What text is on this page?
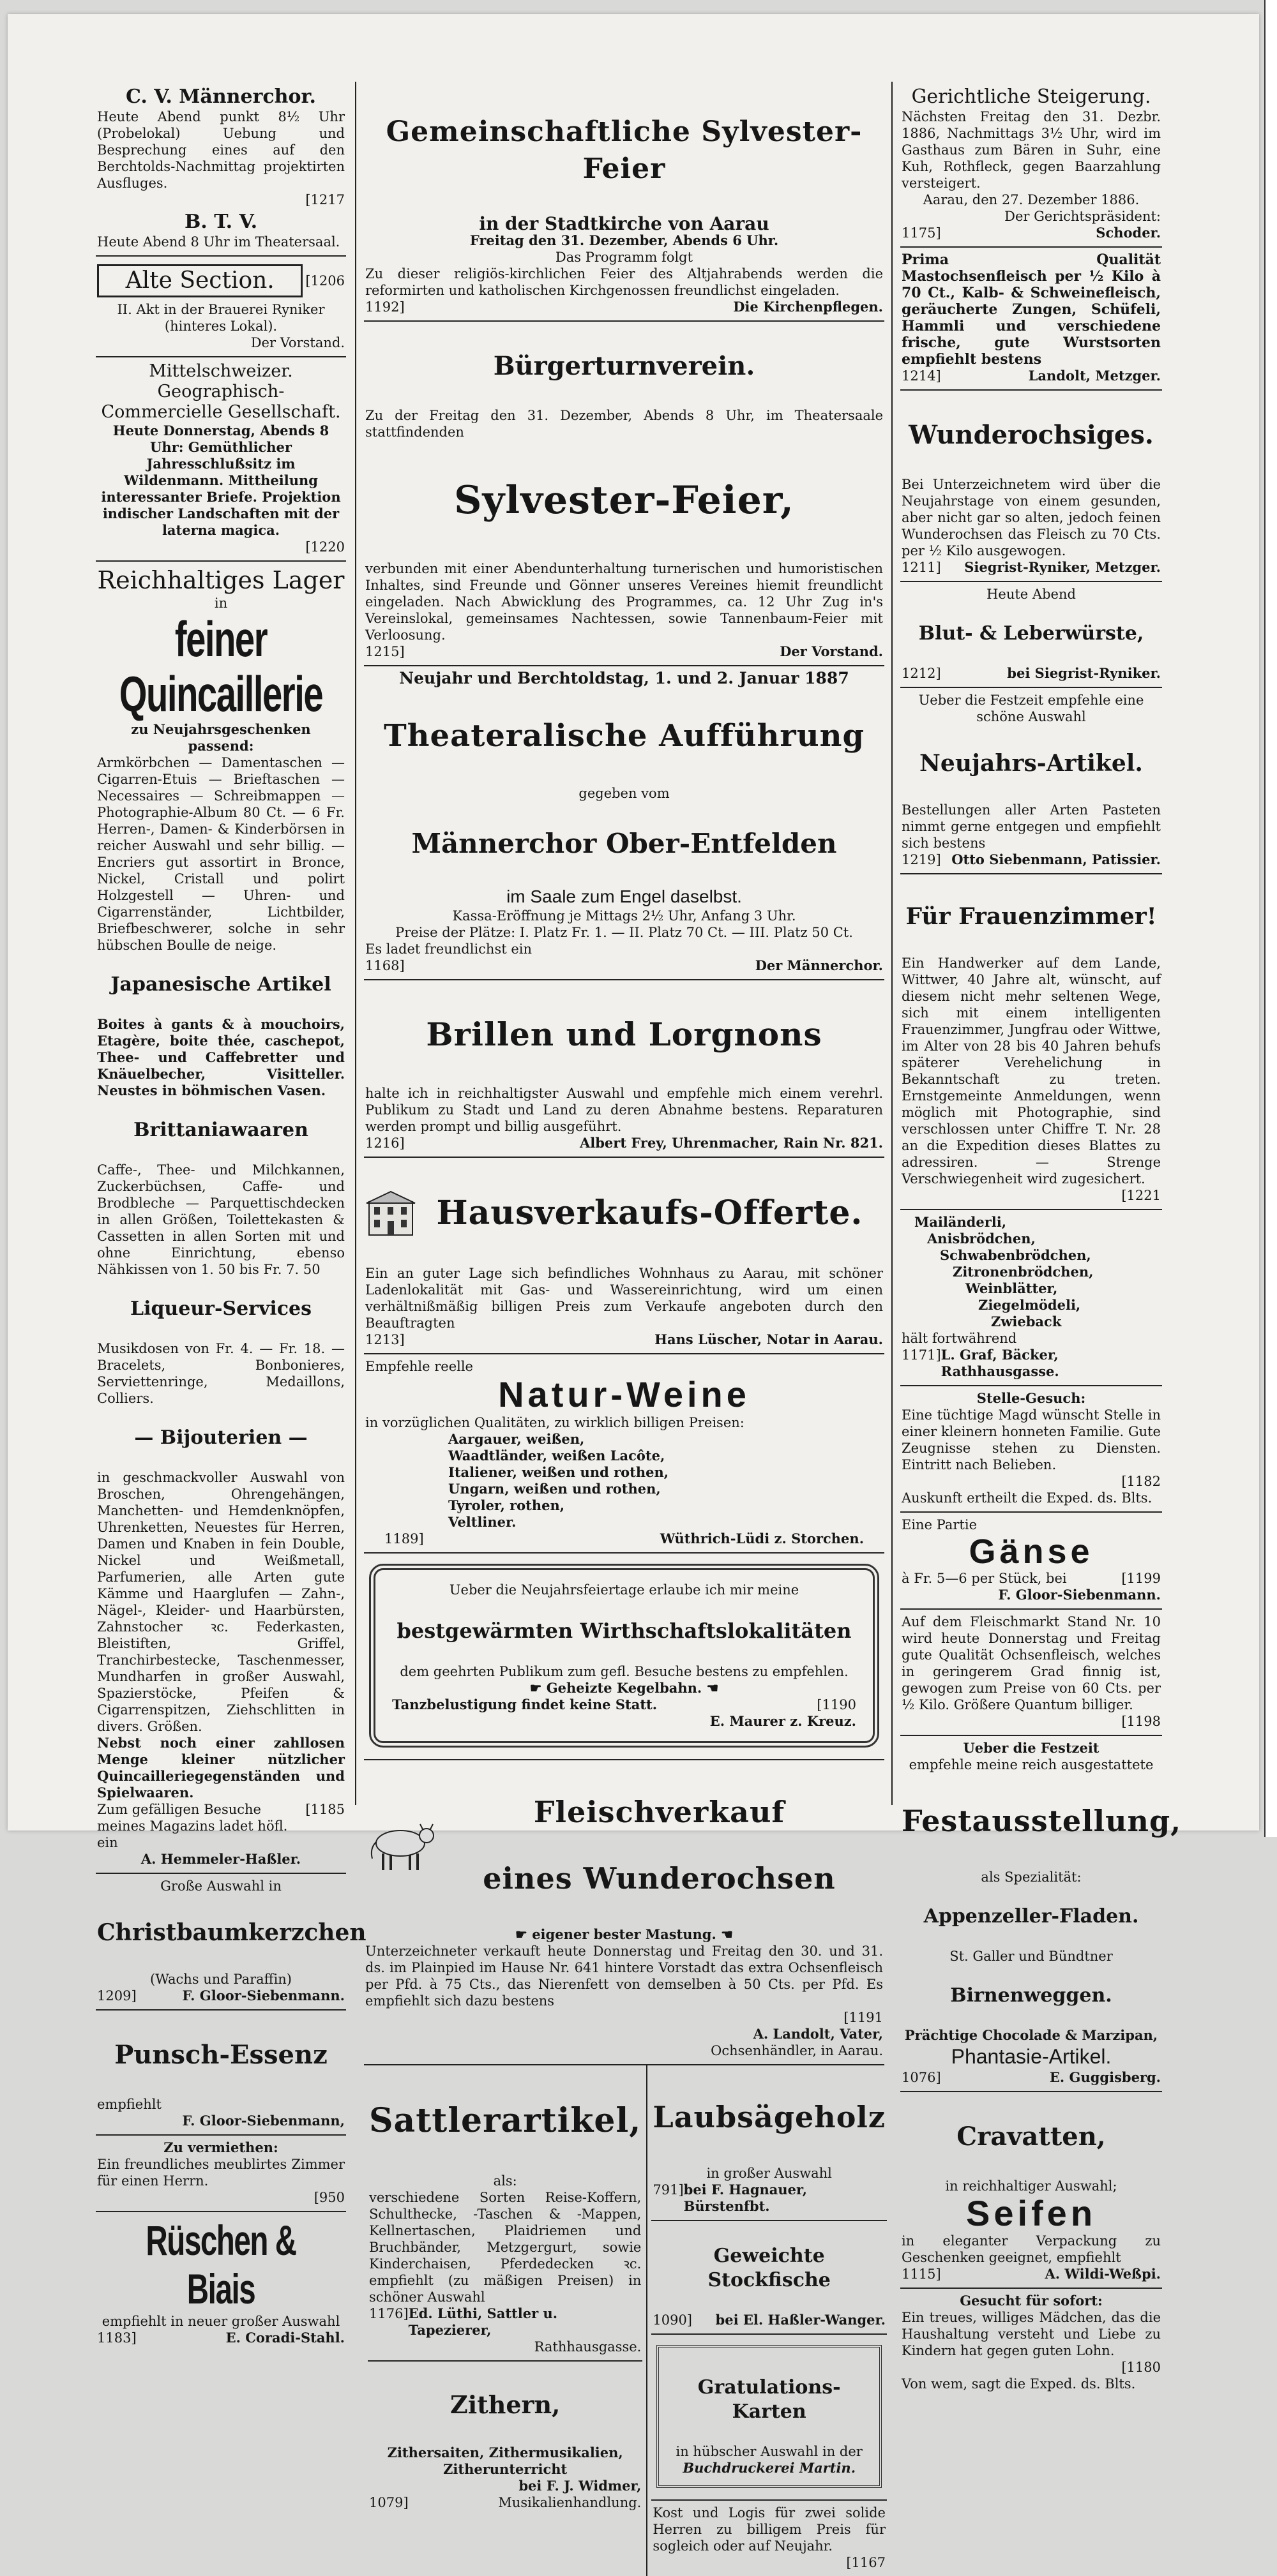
C. V. Männerchor.

Heute Abend punkt 8½ Uhr (Probelokal) Uebung und Besprechung eines auf den Berchtolds-Nachmittag projektirten Ausfluges.

[1217

B. T. V.

Heute Abend 8 Uhr im Theatersaal.

Alte Section.	[1206

II. Akt in der Brauerei Ryniker (hinteres Lokal).

Der Vorstand.

Mittelschweizer. Geographisch-Commercielle Gesellschaft.

Heute Donnerstag, Abends 8 Uhr: Gemüthlicher Jahresschlußsitz im Wildenmann. Mittheilung interessanter Briefe. Projektion indischer Landschaften mit der laterna magica.

[1220

Reichhaltiges Lager

in

feiner Quincaillerie

zu Neujahrsgeschenken passend:

Armkörbchen — Damentaschen — Cigarren-Etuis — Brieftaschen — Necessaires — Schreibmappen — Photographie-Album 80 Ct. — 6 Fr. Herren-, Damen- & Kinderbörsen in reicher Auswahl und sehr billig. — Encriers gut assortirt in Bronce, Nickel, Cristall und polirt Holzgestell — Uhren- und Cigarrenständer, Lichtbilder, Briefbeschwerer, solche in sehr hübschen Boulle de neige.

Japanesische Artikel

Boites à gants & à mouchoirs, Etagère, boite thée, caschepot, Thee- und Caffebretter und Knäuelbecher, Visitteller. Neustes in böhmischen Vasen.

Brittaniawaaren

Caffe-, Thee- und Milchkannen, Zuckerbüchsen, Caffe- und Brodbleche — Parquettischdecken in allen Größen, Toilettekasten & Cassetten in allen Sorten mit und ohne Einrichtung, ebenso Nähkissen von 1. 50 bis Fr. 7. 50

Liqueur-Services

Musikdosen von Fr. 4. — Fr. 18. — Bracelets, Bonbonieres, Serviettenringe, Medaillons, Colliers.

— Bijouterien —

in geschmackvoller Auswahl von Broschen, Ohrengehängen, Manchetten- und Hemdenknöpfen, Uhrenketten, Neuestes für Herren, Damen und Knaben in fein Double, Nickel und Weißmetall, Parfumerien, alle Arten gute Kämme und Haarglufen — Zahn-, Nägel-, Kleider- und Haarbürsten, Zahnstocher ꝛc. Federkasten, Bleistiften, Griffel, Tranchirbestecke, Taschenmesser, Mundharfen in großer Auswahl, Spazierstöcke, Pfeifen & Cigarrenspitzen, Ziehschlitten in divers. Größen.

Nebst noch einer zahllosen Menge kleiner nützlicher Quincailleriegegenständen und Spielwaaren.

Zum gefälligen Besuche meines Magazins ladet höfl. ein
[1185

A. Hemmeler-Haßler.

Große Auswahl in

Christbaumkerzchen

(Wachs und Paraffin)

1209]	F. Gloor-Siebenmann.

Punsch-Essenz

empfiehlt

F. Gloor-Siebenmann,

Zu vermiethen:

Ein freundliches meublirtes Zimmer für einen Herrn.

[950

Rüschen & Biais

empfiehlt in neuer großer Auswahl

1183]	E. Coradi-Stahl.

Gemeinschaftliche Sylvester-Feier

in der Stadtkirche von Aarau

Freitag den 31. Dezember, Abends 6 Uhr.

Das Programm folgt

Zu dieser religiös-kirchlichen Feier des Altjahrabends werden die reformirten und katholischen Kirchgenossen freundlichst eingeladen.

1192]	Die Kirchenpflegen.

Bürgerturnverein.

Zu der Freitag den 31. Dezember, Abends 8 Uhr, im Theatersaale stattfindenden

Sylvester-Feier,

verbunden mit einer Abendunterhaltung turnerischen und humoristischen Inhaltes, sind Freunde und Gönner unseres Vereines hiemit freundlicht eingeladen. Nach Abwicklung des Programmes, ca. 12 Uhr Zug in's Vereinslokal, gemeinsames Nachtessen, sowie Tannenbaum-Feier mit Verloosung.

1215]	Der Vorstand.

Neujahr und Berchtoldstag, 1. und 2. Januar 1887

Theateralische Aufführung

gegeben vom

Männerchor Ober-Entfelden

im Saale zum Engel daselbst.

Kassa-Eröffnung je Mittags 2½ Uhr, Anfang 3 Uhr.

Preise der Plätze: I. Platz Fr. 1. — II. Platz 70 Ct. — III. Platz 50 Ct.

Es ladet freundlichst ein

1168]	Der Männerchor.

Brillen und Lorgnons

halte ich in reichhaltigster Auswahl und empfehle mich einem verehrl. Publikum zu Stadt und Land zu deren Abnahme bestens. Reparaturen werden prompt und billig ausgeführt.

1216]	Albert Frey, Uhrenmacher, Rain Nr. 821.

Hausverkaufs-Offerte.

Ein an guter Lage sich befindliches Wohnhaus zu Aarau, mit schöner Ladenlokalität mit Gas- und Wassereinrichtung, wird um einen verhältnißmäßig billigen Preis zum Verkaufe angeboten durch den Beauftragten

1213]	Hans Lüscher, Notar in Aarau.

Empfehle reelle

Natur-Weine

in vorzüglichen Qualitäten, zu wirklich billigen Preisen:

Aargauer, weißen,

Waadtländer, weißen Lacôte,

Italiener, weißen und rothen,

Ungarn, weißen und rothen,

Tyroler, rothen,

Veltliner.

1189]	Wüthrich-Lüdi z. Storchen.

Ueber die Neujahrsfeiertage erlaube ich mir meine

bestgewärmten Wirthschaftslokalitäten

dem geehrten Publikum zum gefl. Besuche bestens zu empfehlen.

☛ Geheizte Kegelbahn. ☚

Tanzbelustigung findet keine Statt.	[1190

E. Maurer z. Kreuz.

Fleischverkauf

eines Wunderochsen

☛ eigener bester Mastung. ☚

Unterzeichneter verkauft heute Donnerstag und Freitag den 30. und 31. ds. im Plainpied im Hause Nr. 641 hintere Vorstadt das extra Ochsenfleisch per Pfd. à 75 Cts., das Nierenfett von demselben à 50 Cts. per Pfd. Es empfiehlt sich dazu bestens

[1191

A. Landolt, Vater,

Ochsenhändler, in Aarau.

Sattlerartikel,

als:

verschiedene Sorten Reise-Koffern, Schulthecke, -Taschen & -Mappen, Kellnertaschen, Plaidriemen und Bruchbänder, Metzgergurt, sowie Kinderchaisen, Pferdedecken ꝛc. empfiehlt (zu mäßigen Preisen) in schöner Auswahl

1176] Ed. Lüthi, Sattler u. Tapezierer,

Rathhausgasse.

Zithern,

Zithersaiten, Zithermusikalien, Zitherunterricht

bei F. J. Widmer,

1079]	Musikalienhandlung.

Laubsägeholz

in großer Auswahl

791] bei F. Hagnauer, Bürstenfbt.

Geweichte Stockfische

1090] bei El. Haßler-Wanger.

Gratulations-Karten

in hübscher Auswahl in der

Buchdruckerei Martin.

Kost und Logis für zwei solide Herren zu billigem Preis für sogleich oder auf Neujahr.

[1167

Gerichtliche Steigerung.

Nächsten Freitag den 31. Dezbr. 1886, Nachmittags 3½ Uhr, wird im Gasthaus zum Bären in Suhr, eine Kuh, Rothfleck, gegen Baarzahlung versteigert.

Aarau, den 27. Dezember 1886.

Der Gerichtspräsident:

1175]	Schoder.

Prima Qualität Mastochsenfleisch per ½ Kilo à 70 Ct., Kalb- & Schweinefleisch, geräucherte Zungen, Schüfeli, Hammli und verschiedene frische, gute Wurstsorten empfiehlt bestens

1214]	Landolt, Metzger.

Wunderochsiges.

Bei Unterzeichnetem wird über die Neujahrstage von einem gesunden, aber nicht gar so alten, jedoch feinen Wunderochsen das Fleisch zu 70 Cts. per ½ Kilo ausgewogen.

1211] Siegrist-Ryniker, Metzger.

Heute Abend

Blut- & Leberwürste,

1212]	bei Siegrist-Ryniker.

Ueber die Festzeit empfehle eine schöne Auswahl

Neujahrs-Artikel.

Bestellungen aller Arten Pasteten nimmt gerne entgegen und empfiehlt sich bestens

1219] Otto Siebenmann, Patissier.

Für Frauenzimmer!

Ein Handwerker auf dem Lande, Wittwer, 40 Jahre alt, wünscht, auf diesem nicht mehr seltenen Wege, sich mit einem intelligenten Frauenzimmer, Jungfrau oder Wittwe, im Alter von 28 bis 40 Jahren behufs späterer Verehelichung in Bekanntschaft zu treten. Ernstgemeinte Anmeldungen, wenn möglich mit Photographie, sind verschlossen unter Chiffre T. Nr. 28 an die Expedition dieses Blattes zu adressiren. — Strenge Verschwiegenheit wird zugesichert.

[1221

Mailänderli,

Anisbrödchen,

Schwabenbrödchen,

Zitronenbrödchen,

Weinblätter,

Ziegelmödeli,

Zwieback

hält fortwährend

1171] L. Graf, Bäcker, Rathhausgasse.

Stelle-Gesuch:

Eine tüchtige Magd wünscht Stelle in einer kleinern honneten Familie. Gute Zeugnisse stehen zu Diensten. Eintritt nach Belieben.

[1182

Auskunft ertheilt die Exped. ds. Blts.

Eine Partie

Gänse

à Fr. 5—6 per Stück, bei	[1199

F. Gloor-Siebenmann.

Auf dem Fleischmarkt Stand Nr. 10 wird heute Donnerstag und Freitag gute Qualität Ochsenfleisch, welches in geringerem Grad finnig ist, gewogen zum Preise von 60 Cts. per ½ Kilo. Größere Quantum billiger.

[1198

Ueber die Festzeit

empfehle meine reich ausgestattete

Festausstellung,

als Spezialität:

Appenzeller-Fladen.

St. Galler und Bündtner

Birnenweggen.

Prächtige Chocolade & Marzipan,

Phantasie-Artikel.

1076]	E. Guggisberg.

Cravatten,

in reichhaltiger Auswahl;

Seifen

in eleganter Verpackung zu Geschenken geeignet, empfiehlt

1115]	A. Wildi-Weßpi.

Gesucht für sofort:

Ein treues, williges Mädchen, das die Haushaltung versteht und Liebe zu Kindern hat gegen guten Lohn.

[1180

Von wem, sagt die Exped. ds. Blts.
